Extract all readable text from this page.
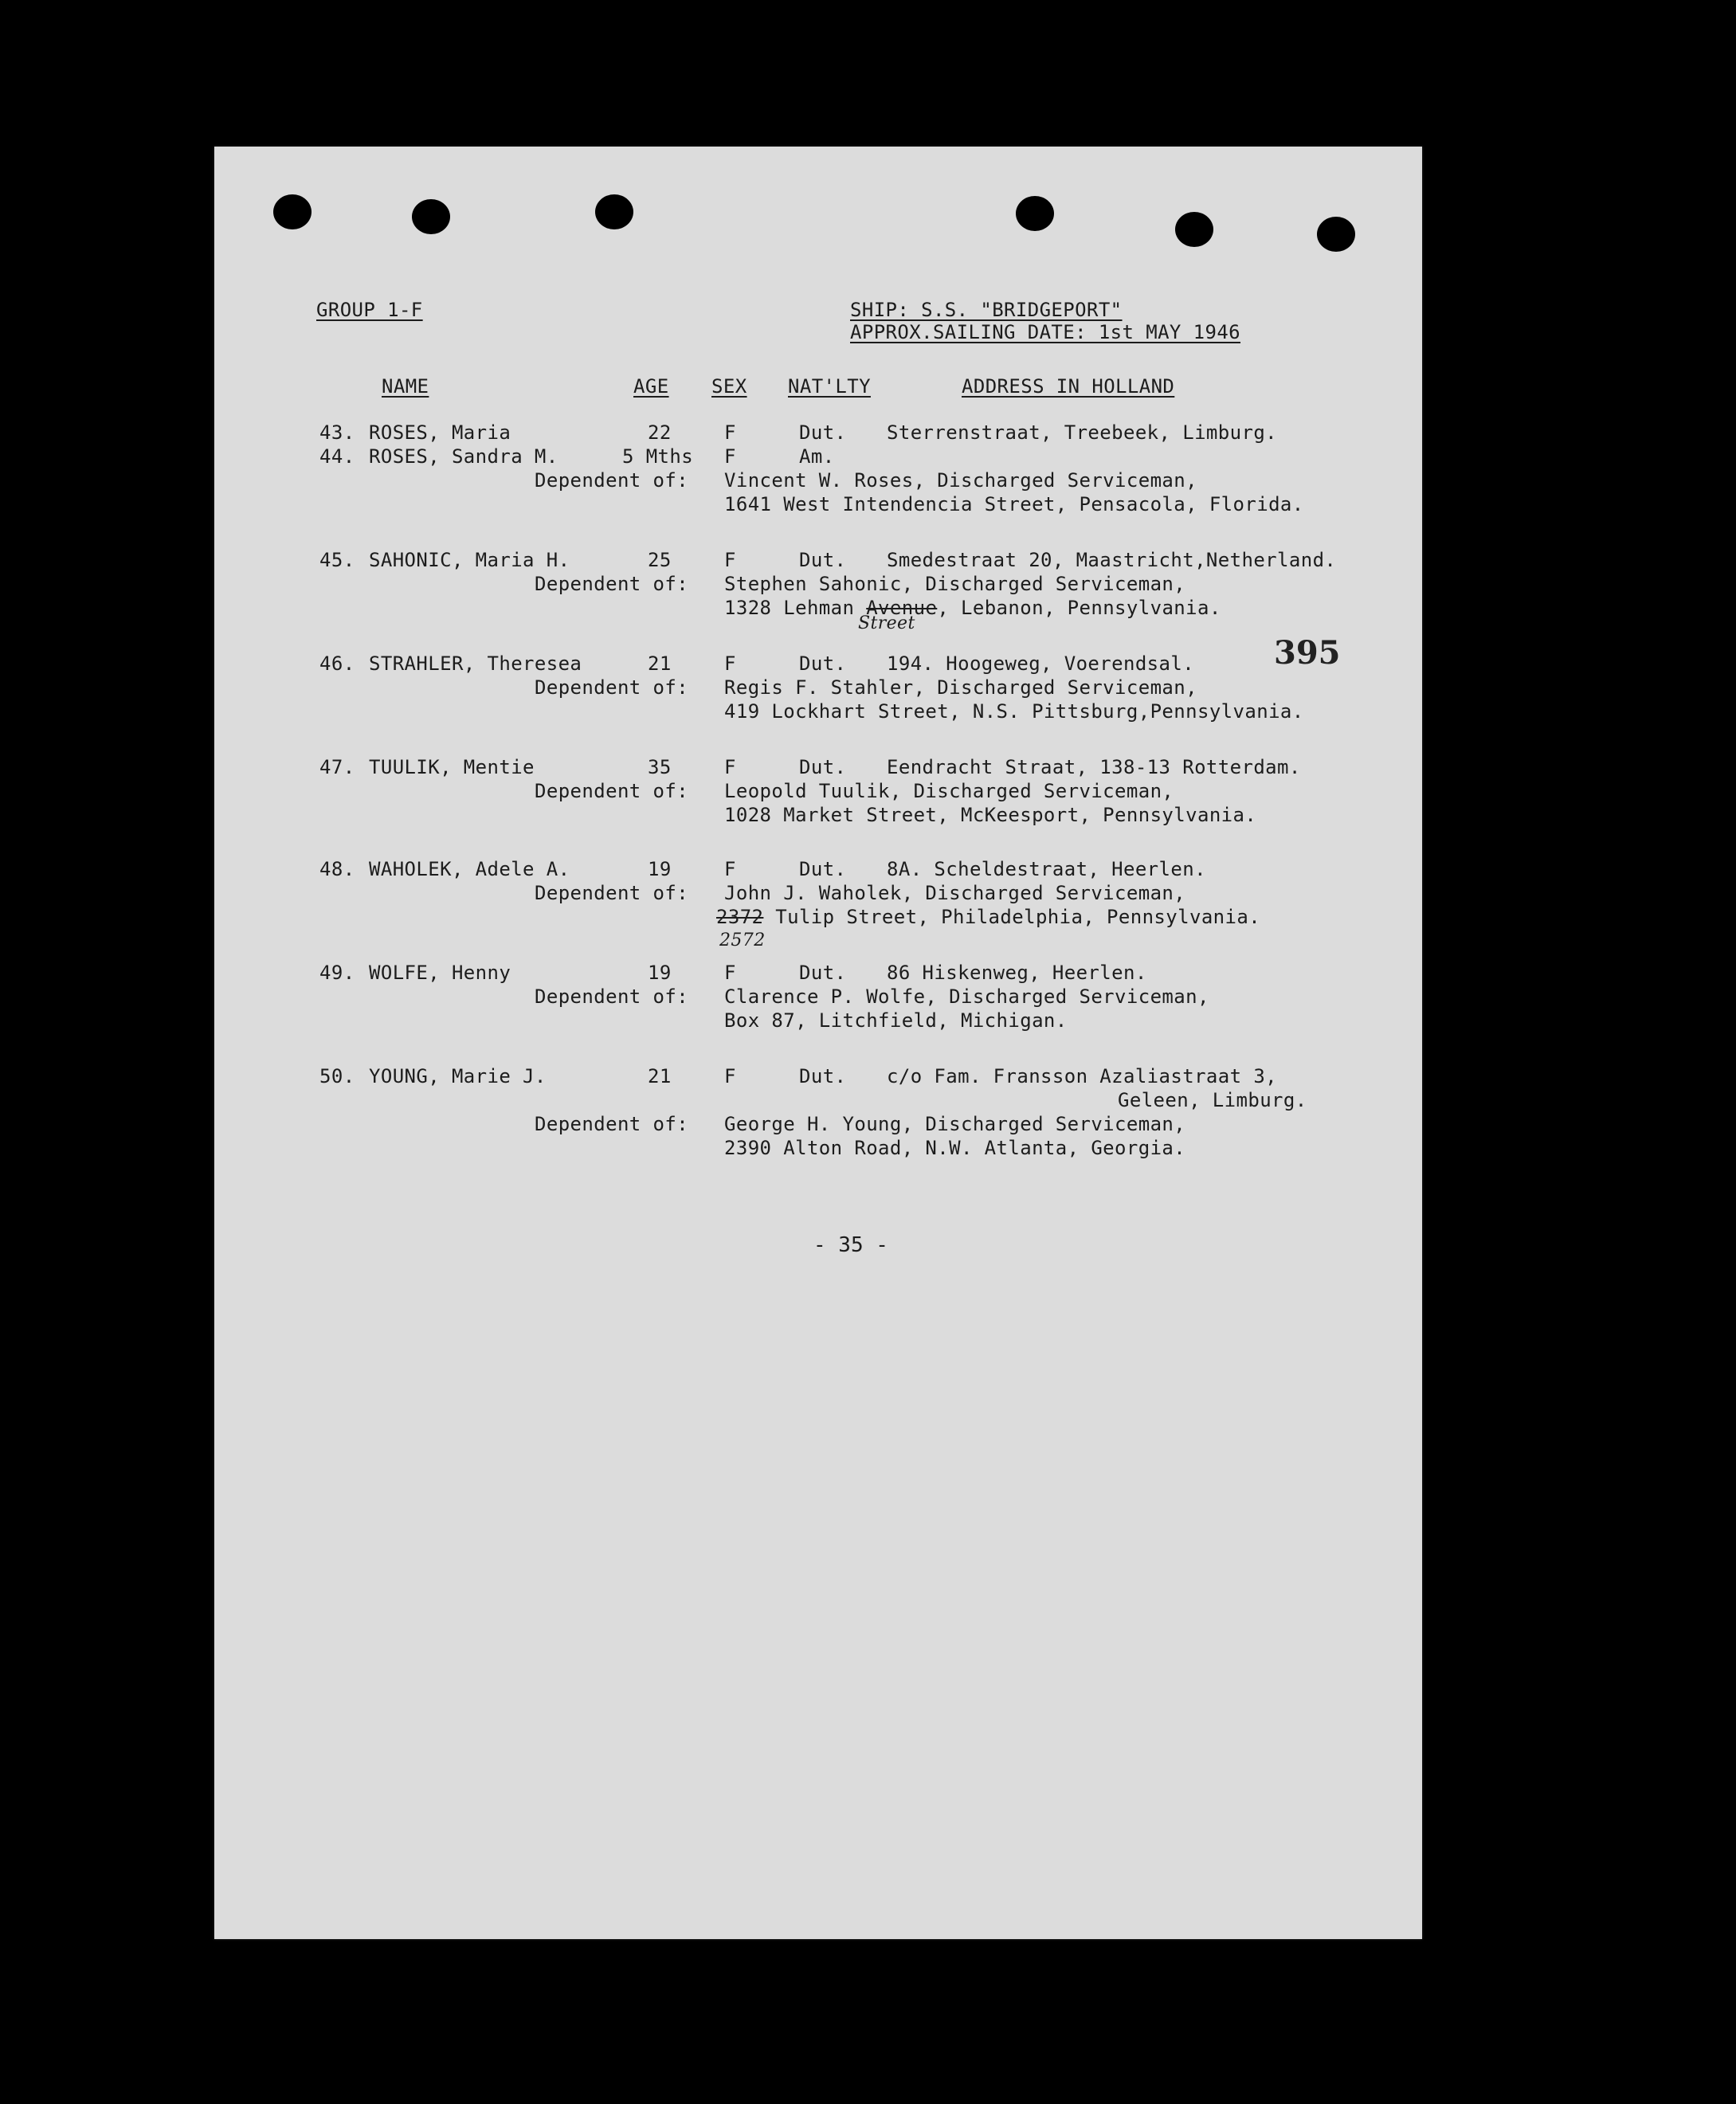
GROUP 1-F	SHIP: S.S. "BRIDGEPORT"
APPROX.SAILING DATE: 1st MAY 1946
NAME	AGE SEX NAT'LTY	ADDRESS IN HOLLAND
43. ROSES, Maria	22	F	Dut. Sterrenstraat, Treebeek, Limburg.
44. ROSES, Sandra M.	5 Mths F	Am.
Dependent of: Vincent W. Roses, Discharged Serviceman,
1641 West Intendencia Street, Pensacola, Florida.
45. SAHONIC, Maria H.	25	F	Dut. Smedestraat 20, Maastricht,Netherland.
Dependent of: Stephen Sahonic, Discharged Serviceman,
1328 Lehman Avenue, Lebanon, Pennsylvania.
Street
395
46. STRAHLER, Theresea	21	F	Dut. 194. Hoogeweg, Voerendsal.
Dependent of: Regis F. Stahler, Discharged Serviceman,
419 Lockhart Street, N.S. Pittsburg,Pennsylvania.
47. TUULIK, Mentie	35	F	Dut. Eendracht Straat, 138-13 Rotterdam.
Dependent of: Leopold Tuulik, Discharged Serviceman,
1028 Market Street, McKeesport, Pennsylvania.
48. WAHOLEK, Adele A.	19	F	Dut. 8A. Scheldestraat, Heerlen.
Dependent of: John J. Waholek, Discharged Serviceman,
2372 Tulip Street, Philadelphia, Pennsylvania.
2572
49. WOLFE, Henny	19	F	Dut. 86 Hiskenweg, Heerlen.
Dependent of: Clarence P. Wolfe, Discharged Serviceman,
Box 87, Litchfield, Michigan.
50. YOUNG, Marie J.	21	F	Dut. c/o Fam. Fransson Azaliastraat 3,
Geleen, Limburg.
Dependent of: George H. Young, Discharged Serviceman,
2390 Alton Road, N.W. Atlanta, Georgia.
- 35 -
